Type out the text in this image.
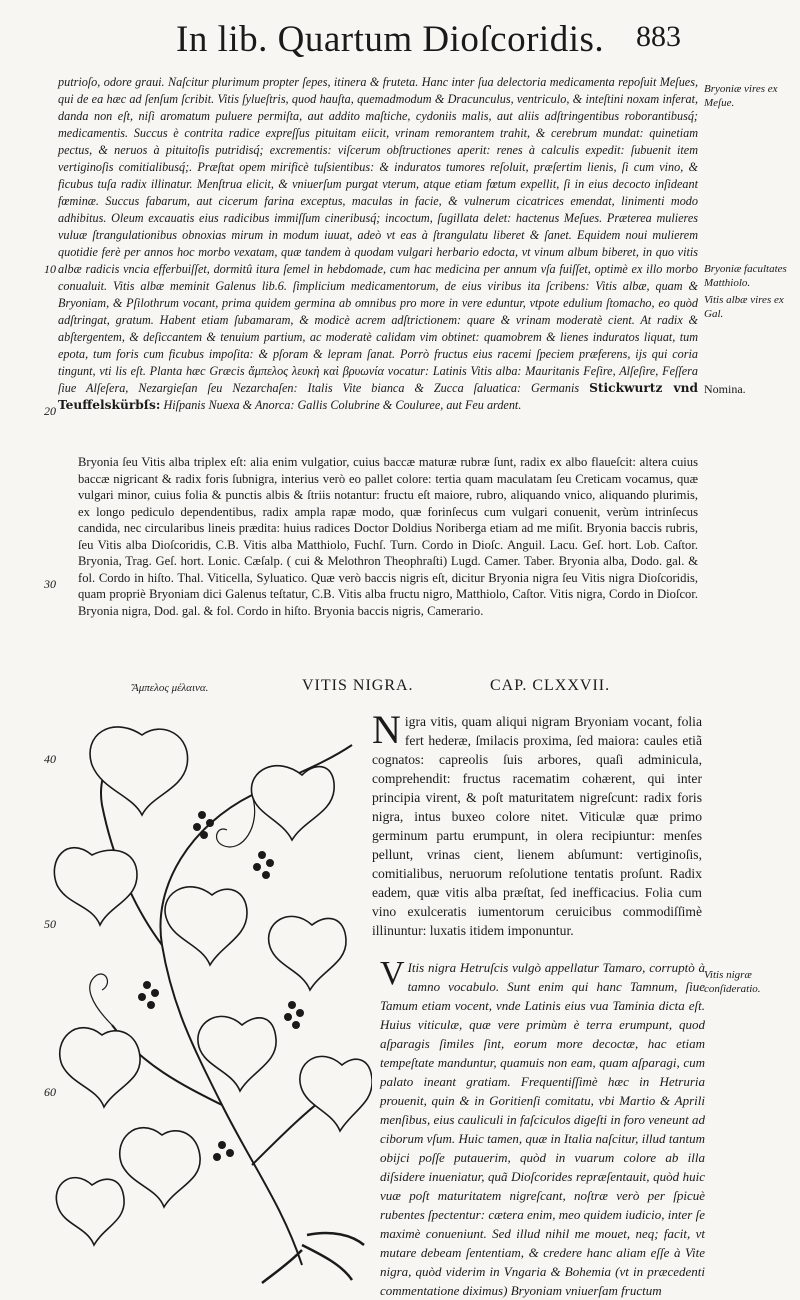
In lib. Quartum Dioſcoridis. 883
10
20
30
40
50
60
Bryoniæ vires ex Meſue.
Bryoniæ facultates Matthiolo.
Vitis albæ vires ex Gal.
Nomina.
Vitis nigræ conſideratio.

putrioſo, odore graui. Naſcitur plurimum propter ſepes, itinera & fruteta. Hanc inter ſua delectoria medicamenta repoſuit Meſues, qui de ea hæc ad ſenſum ſcribit. Vitis ſylueſtris, quod hauſta, quemadmodum & Dracunculus, ventriculo, & inteſtini noxam inferat, danda non eſt, niſi aromatum puluere permiſta, aut addito maſtiche, cydoniis malis, aut aliis adſtringentibus roborantibusq́; medicamentis. Succus è contrita radice expreſſus pituitam eiicit, vrinam remorantem trahit, & cerebrum mundat: quinetiam pectus, & neruos à pituitoſis putridisq́; excrementis: viſcerum obſtructiones aperit: renes à calculis expedit: ſubuenit item vertiginoſis comitialibusq́;. Præſtat opem mirificè tuſsientibus: & induratos tumores reſoluit, præſertim lienis, ſi cum vino, & ficubus tuſa radix illinatur. Menſtrua elicit, & vniuerſum purgat vterum, atque etiam fœtum expellit, ſi in eius decocto inſideant fœminæ. Succus fabarum, aut cicerum farina exceptus, maculas in facie, & vulnerum cicatrices emendat, linimenti modo adhibitus. Oleum excauatis eius radicibus immiſſum cineribusq́; incoctum, ſugillata delet: hactenus Meſues. Præterea mulieres vuluæ ſtrangulationibus obnoxias mirum in modum iuuat, adeò vt eas à ſtrangulatu liberet & ſanet. Equidem noui mulierem quotidie ferè per annos hoc morbo vexatam, quæ tandem à quodam vulgari herbario edocta, vt vinum album biberet, in quo vitis albæ radicis vncia efferbuiſſet, dormitû itura ſemel in hebdomade, cum hac medicina per annum vſa fuiſſet, optimè ex illo morbo conualuit. Vitis albæ meminit Galenus lib.6. ſimplicium medicamentorum, de eius viribus ita ſcribens: Vitis albæ, quam & Bryoniam, & Pſilothrum vocant, prima quidem germina ab omnibus pro more in vere eduntur, vtpote edulium ſtomacho, eo quòd adſtringat, gratum. Habent etiam ſubamaram, & modicè acrem adſtrictionem: quare & vrinam moderatè cient. At radix & abſtergentem, & deſiccantem & tenuium partium, ac moderatè calidam vim obtinet: quamobrem & lienes induratos liquat, tum epota, tum foris cum ficubus impoſita: & pſoram & lepram ſanat. Porrò fructus eius racemi ſpeciem præferens, ijs qui coria tingunt, vti lis eſt. Planta hæc Græcis ἄμπελος λευκὴ καὶ βρυωνία vocatur: Latinis Vitis alba: Mauritanis Feſire, Alſeſire, Feſſera ſiue Alſeſera, Nezargieſan ſeu Nezarchaſen: Italis Vite bianca & Zucca ſaluatica: Germanis Stickwurtz vnd Teuffelskürbſs: Hiſpanis Nuexa & Anorca: Gallis Colubrine & Couluree, aut Feu ardent.

Bryonia ſeu Vitis alba triplex eſt: alia enim vulgatior, cuius baccæ maturæ rubræ ſunt, radix ex albo flaueſcit: altera cuius baccæ nigricant & radix foris ſubnigra, interius verò eo pallet colore: tertia quam maculatam ſeu Creticam vocamus, quæ vulgari minor, cuius folia & punctis albis & ſtriis notantur: fructu eſt maiore, rubro, aliquando vnico, aliquando plurimis, ex longo pediculo dependentibus, radix ampla rapæ modo, quæ forinſecus cum vulgari conuenit, verùm intrinſecus candida, nec circularibus lineis prædita: huius radices Doctor Doldius Noriberga etiam ad me miſit. Bryonia baccis rubris, ſeu Vitis alba Dioſcoridis, C.B. Vitis alba Matthiolo, Fuchſ. Turn. Cordo in Dioſc. Anguil. Lacu. Geſ. hort. Lob. Caſtor. Bryonia, Trag. Geſ. hort. Lonic. Cæſalp. ( cui & Melothron Theophraſti) Lugd. Camer. Taber. Bryonia alba, Dodo. gal. & fol. Cordo in hiſto. Thal. Viticella, Syluatico. Quæ verò baccis nigris eſt, dicitur Bryonia nigra ſeu Vitis nigra Dioſcoridis, quam propriè Bryoniam dici Galenus teſtatur, C.B. Vitis alba fructu nigro, Matthiolo, Caſtor. Vitis nigra, Cordo in Dioſcor. Bryonia nigra, Dod. gal. & fol. Cordo in hiſto. Bryonia baccis nigris, Camerario.

Ἄμπελος μέλαινα.	VITIS NIGRA.	CAP. CLXXVII.

Nigra vitis, quam aliqui nigram Bryoniam vocant, folia fert hederæ, ſmilacis proxima, ſed maiora: caules etiã cognatos: capreolis ſuis arbores, quaſi adminicula, comprehendit: fructus racematim cohærent, qui inter principia virent, & poſt maturitatem nigreſcunt: radix foris nigra, intus buxeo colore nitet. Viticulæ quæ primo germinum partu erumpunt, in olera recipiuntur: menſes pellunt, vrinas cient, lienem abſumunt: vertiginoſis, comitialibus, neruorum reſolutione tentatis proſunt. Radix eadem, quæ vitis alba præſtat, ſed inefficacius. Folia cum vino exulceratis iumentorum ceruicibus commodiſſimè illinuntur: luxatis itidem imponuntur.

V Itis nigra Hetruſcis vulgò appellatur Tamaro, corruptò à tamno vocabulo. Sunt enim qui hanc Tamnum, ſiue Tamum etiam vocent, vnde Latinis eius vua Taminia dicta eſt. Huius viticulæ, quæ vere primùm è terra erumpunt, quod aſparagis ſimiles ſint, eorum more decoctæ, hac etiam tempeſtate manduntur, quamuis non eam, quam aſparagi, cum palato ineant gratiam. Frequentiſſimè hæc in Hetruria prouenit, quin & in Goritienſi comitatu, vbi Martio & Aprili menſibus, eius cauliculi in faſciculos digeſti in foro veneunt ad ciborum vſum. Huic tamen, quæ in Italia naſcitur, illud tantum obijci poſſe putauerim, quòd in vuarum colore ab illa diſsidere inueniatur, quã Dioſcorides repræſentauit, quòd huic vuæ poſt maturitatem nigreſcant, noſtræ verò per ſpicuè rubentes ſpectentur: cætera enim, meo quidem iudicio, inter ſe maximè conueniunt. Sed illud nihil me mouet, neq; facit, vt mutare debeam ſententiam, & credere hanc aliam eſſe à Vite nigra, quòd viderim in Vngaria & Bohemia (vt in præcedenti commentatione diximus) Bryoniam vniuerſam fructum
